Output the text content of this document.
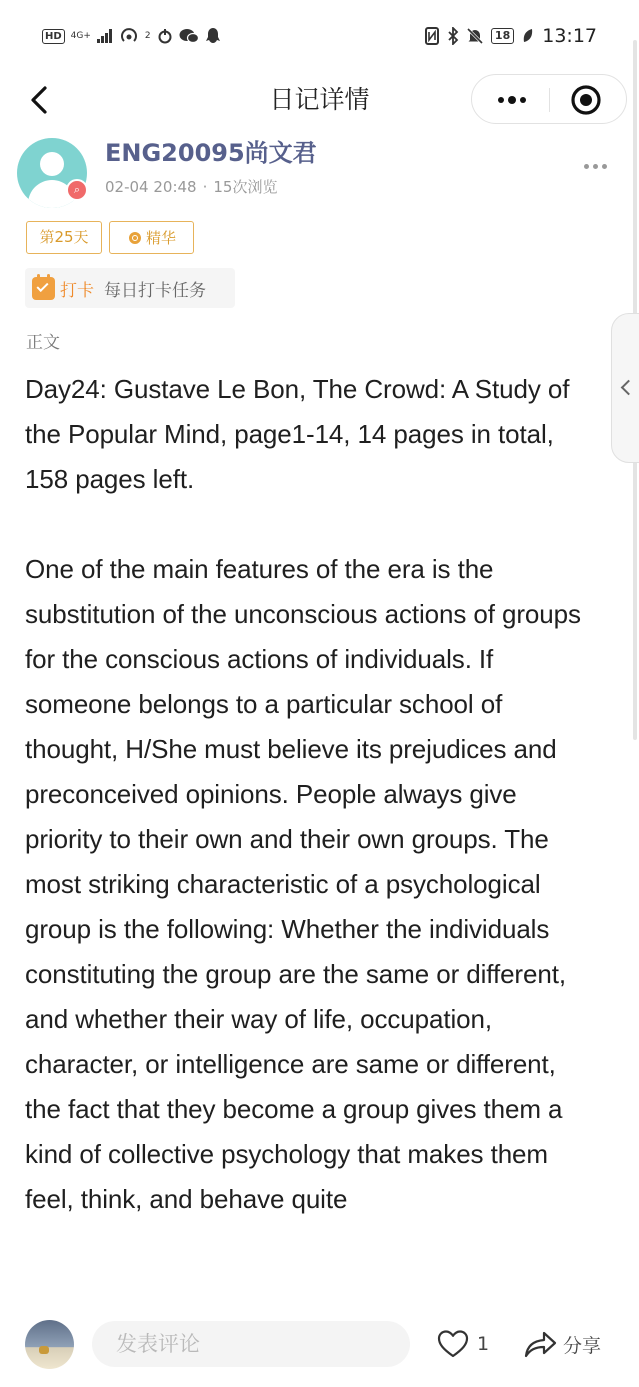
HD	4G+	2	18 13:17
日记详情
⌕
ENG20095尚文君
02-04 20:48 · 15次浏览
第25天	精华
打卡 每日打卡任务
正文

Day24: Gustave Le Bon, The Crowd: A Study of the Popular Mind, page1-14, 14 pages in total, 158 pages left.

One of the main features of the era is the substitution of the unconscious actions of groups for the conscious actions of individuals. If someone belongs to a particular school of thought, H/She must believe its prejudices and preconceived opinions. People always give priority to their own and their own groups. The most striking characteristic of a psychological group is the following: Whether the individuals constituting the group are the same or different, and whether their way of life, occupation, character, or intelligence are same or different, the fact that they become a group gives them a kind of collective psychology that makes them feel, think, and behave quite

发表评论
1	分享
